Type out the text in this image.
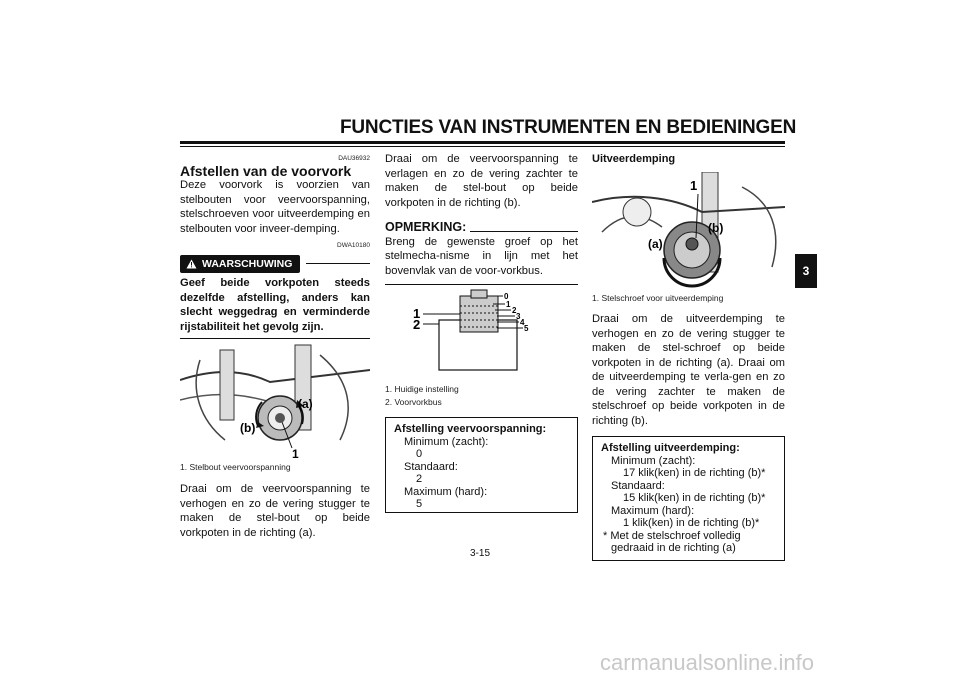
FUNCTIES VAN INSTRUMENTEN EN BEDIENINGEN
3
DAU36932
Afstellen van de voorvork
Deze voorvork is voorzien van stelbouten voor veervoorspanning, stelschroeven voor uitveerdemping en stelbouten voor inveer-demping.
DWA10180
WAARSCHUWING
Geef beide vorkpoten steeds dezelfde afstelling, anders kan slecht weggedrag en verminderde rijstabiliteit het gevolg zijn.
(a)
(b)
1
1. Stelbout veervoorspanning
Draai om de veervoorspanning te verhogen en zo de vering stugger te maken de stel-bout op beide vorkpoten in de richting (a).
Draai om de veervoorspanning te verlagen en zo de vering zachter te maken de stel-bout op beide vorkpoten in de richting (b).
OPMERKING:
Breng de gewenste groef op het stelmecha-nisme in lijn met het bovenvlak van de voor-vorkbus.
0
1
2
3
4
5
1
2
1. Huidige instelling
2. Voorvorkbus
Afstelling veervoorspanning:
Minimum (zacht):
0
Standaard:
2
Maximum (hard):
5
Uitveerdemping
1
(a)
(b)
1. Stelschroef voor uitveerdemping
Draai om de uitveerdemping te verhogen en zo de vering stugger te maken de stel-schroef op beide vorkpoten in de richting (a). Draai om de uitveerdemping te verla-gen en zo de vering zachter te maken de stelschroef op beide vorkpoten in de richting (b).
Afstelling uitveerdemping:
Minimum (zacht):
17 klik(ken) in de richting (b)*
Standaard:
15 klik(ken) in de richting (b)*
Maximum (hard):
1 klik(ken) in de richting (b)*
* Met de stelschroef volledig gedraaid in de richting (a)
3-15
carmanualsonline.info
